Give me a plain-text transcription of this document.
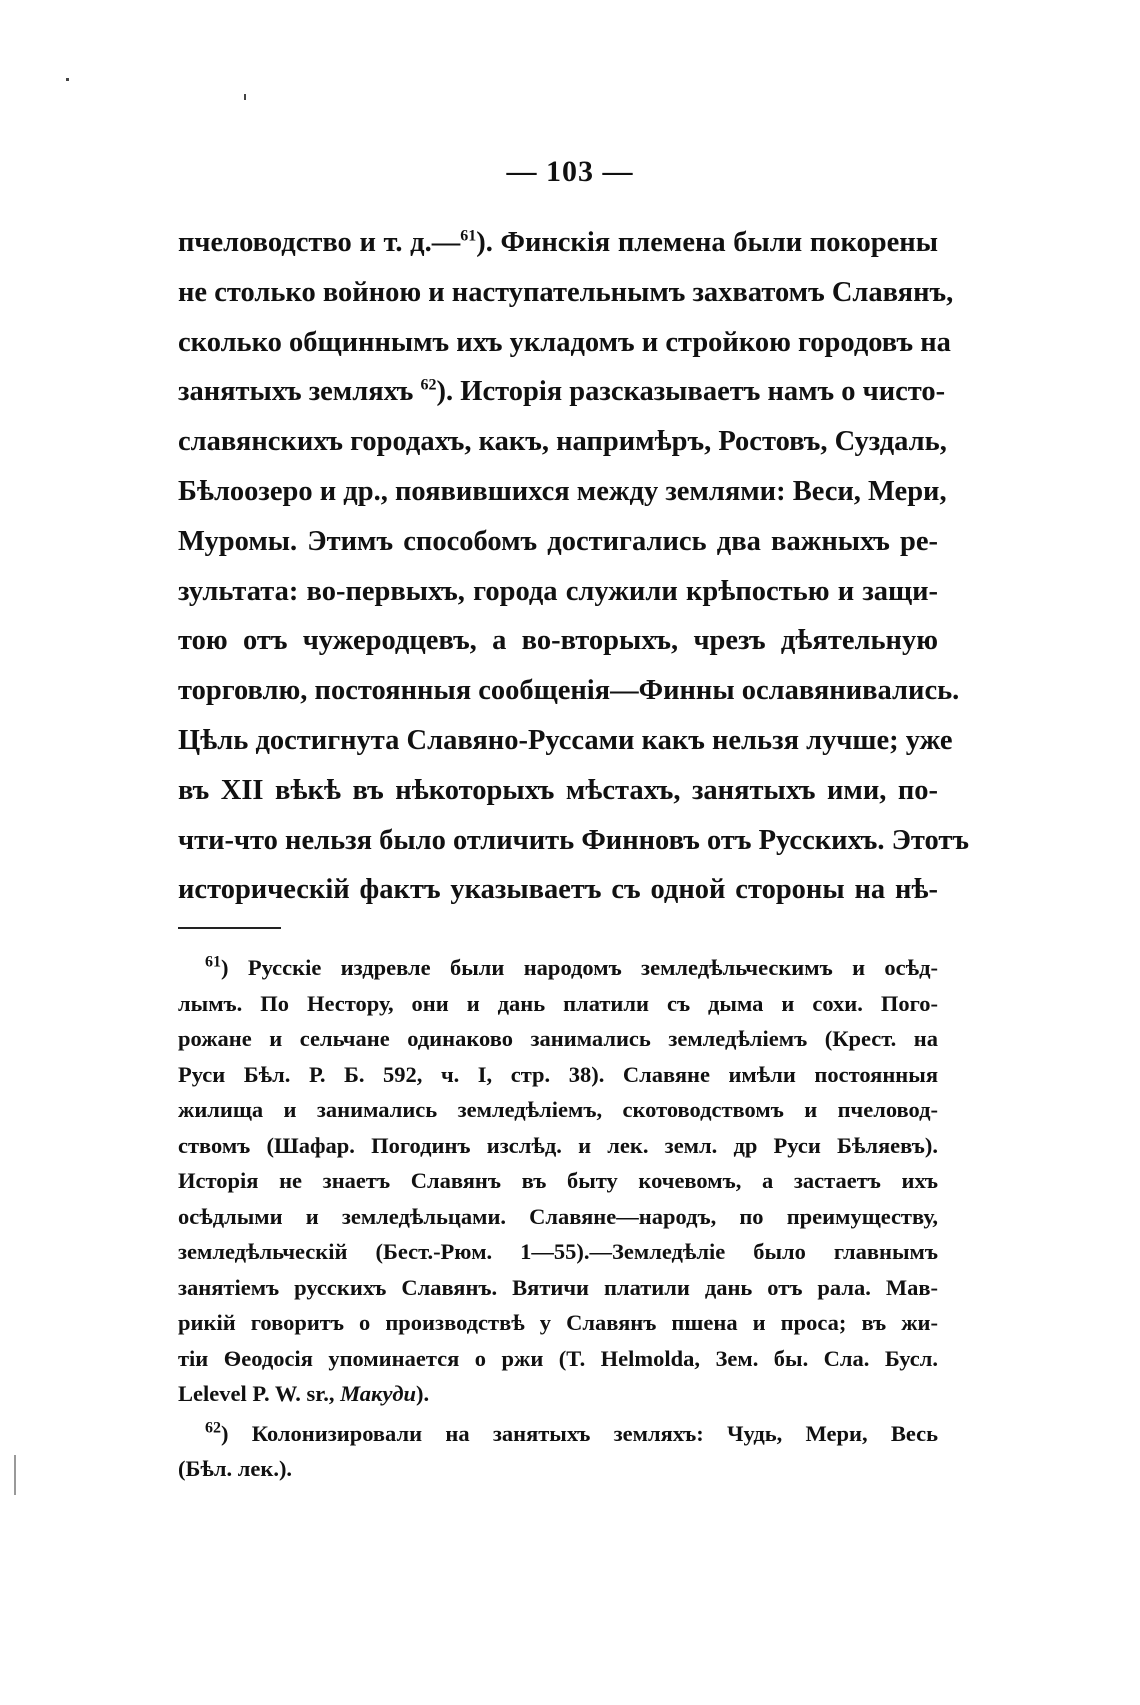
— 103 —
пчеловодство и т. д.—$^{61}$). Финскія племена были покорены
не столько войною и наступательнымъ захватомъ Славянъ,
сколько общиннымъ ихъ укладомъ и стройкою городовъ на
занятыхъ земляхъ $^{62}$). Исторія разсказываетъ намъ о чисто-
славянскихъ городахъ, какъ, напримѣръ, Ростовъ, Суздаль,
Бѣлоозеро и др., появившихся между землями: Веси, Мери,
Муромы. Этимъ способомъ достигались два важныхъ ре-
зультата: во-первыхъ, города служили крѣпостью и защи-
тою отъ чужеродцевъ, а во-вторыхъ, чрезъ дѣятельную
торговлю, постоянныя сообщенія—Финны ославянивались.
Цѣль достигнута Славяно-Руссами какъ нельзя лучше; уже
въ XII вѣкѣ въ нѣкоторыхъ мѣстахъ, занятыхъ ими, по-
чти-что нельзя было отличить Финновъ отъ Русскихъ. Этотъ
историческій фактъ указываетъ съ одной стороны на нѣ-
$^{61}$) Русскіе издревле были народомъ земледѣльческимъ и осѣд-
лымъ. По Нестору, они и дань платили съ дыма и сохи. Пого-
рожане и сельчане одинаково занимались земледѣліемъ (Крест. на
Руси Бѣл. Р. Б. 592, ч. I, стр. 38). Славяне имѣли постоянныя
жилища и занимались земледѣліемъ, скотоводствомъ и пчеловод-
ствомъ (Шафар. Погодинъ изслѣд. и лек. земл. др Руси Бѣляевъ).
Исторія не знаетъ Славянъ въ быту кочевомъ, а застаетъ ихъ
осѣдлыми и земледѣльцами. Славяне—народъ, по преимуществу,
земледѣльческій (Бест.-Рюм. 1—55).—Земледѣліе было главнымъ
занятіемъ русскихъ Славянъ. Вятичи платили дань отъ рала. Мав-
рикій говоритъ о производствѣ у Славянъ пшена и проса; въ жи-
тіи Ѳеодосія упоминается о ржи (T. Helmolda, Зем. бы. Сла. Бусл.
Lelevel P. W. sr., Макуди).
$^{62}$) Колонизировали на занятыхъ земляхъ: Чудь, Мери, Весь
(Бѣл. лек.).
